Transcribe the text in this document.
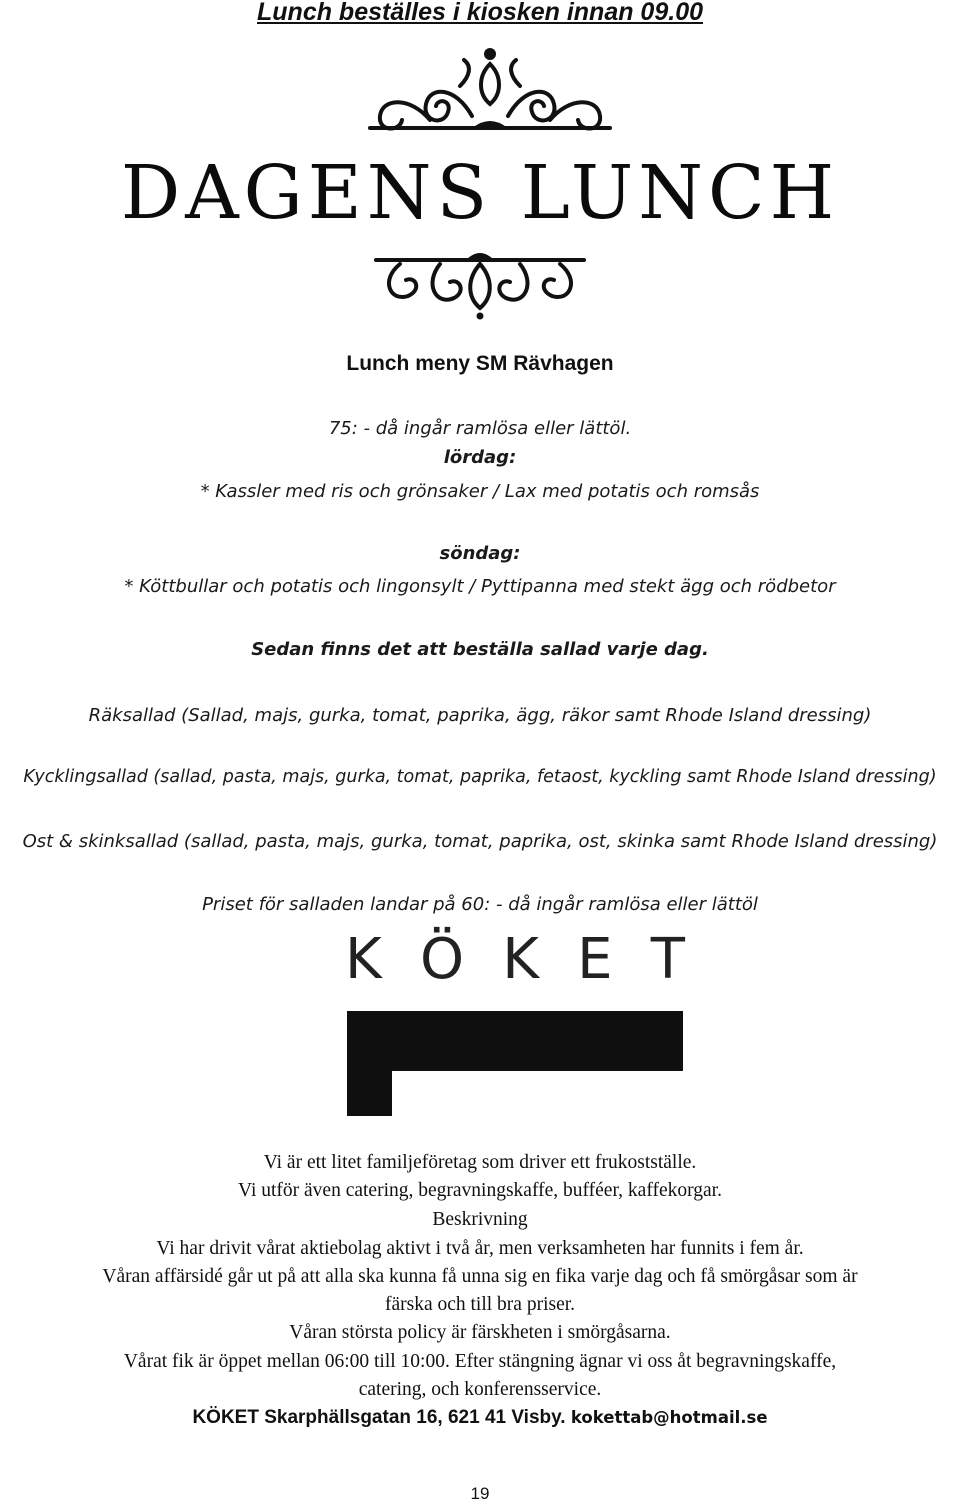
Lunch beställes i kiosken innan 09.00
DAGENS LUNCH
Lunch meny SM Rävhagen
75: - då ingår ramlösa eller lättöl.
lördag:
* Kassler med ris och grönsaker / Lax med potatis och romsås
söndag:
* Köttbullar och potatis och lingonsylt / Pyttipanna med stekt ägg och rödbetor
Sedan finns det att beställa sallad varje dag.
Räksallad (Sallad, majs, gurka, tomat, paprika, ägg, räkor samt Rhode Island dressing)
Kycklingsallad (sallad, pasta, majs, gurka, tomat, paprika, fetaost, kyckling samt Rhode Island dressing)
Ost & skinksallad (sallad, pasta, majs, gurka, tomat, paprika, ost, skinka samt Rhode Island dressing)
Priset för salladen landar på 60: - då ingår ramlösa eller lättöl
K Ö K E T
Vi är ett litet familjeföretag som driver ett frukostställe.
Vi utför även catering, begravningskaffe, bufféer, kaffekorgar.
Beskrivning
Vi har drivit vårat aktiebolag aktivt i två år, men verksamheten har funnits i fem år.
Våran affärsidé går ut på att alla ska kunna få unna sig en fika varje dag och få smörgåsar som är
färska och till bra priser.
Våran största policy är färskheten i smörgåsarna.
Vårat fik är öppet mellan 06:00 till 10:00. Efter stängning ägnar vi oss åt begravningskaffe,
catering, och konferensservice.
KÖKET Skarphällsgatan 16, 621 41 Visby. kokettab@hotmail.se
19
